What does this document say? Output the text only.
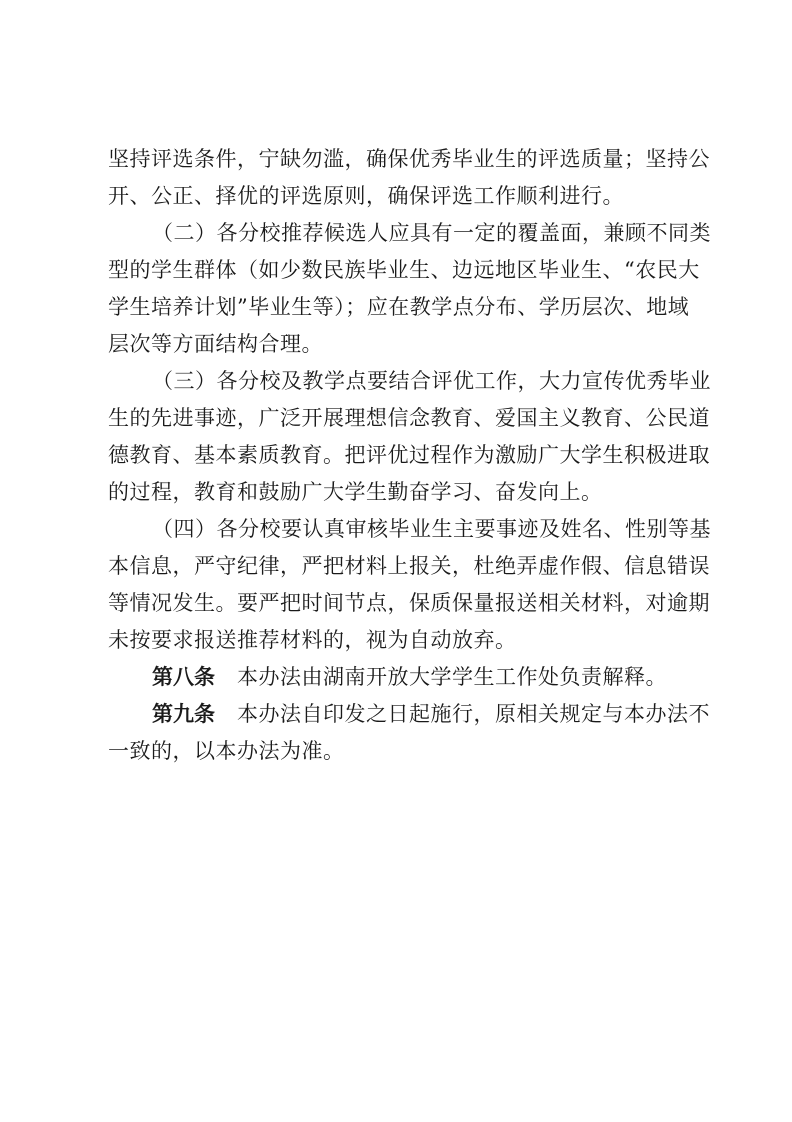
坚持评选条件，宁缺勿滥，确保优秀毕业生的评选质量；坚持公
开、公正、择优的评选原则，确保评选工作顺利进行。
（二）各分校推荐候选人应具有一定的覆盖面，兼顾不同类
型的学生群体（如少数民族毕业生、边远地区毕业生、“农民大
学生培养计划”毕业生等）；应在教学点分布、学历层次、地域
层次等方面结构合理。
（三）各分校及教学点要结合评优工作，大力宣传优秀毕业
生的先进事迹，广泛开展理想信念教育、爱国主义教育、公民道
德教育、基本素质教育。把评优过程作为激励广大学生积极进取
的过程，教育和鼓励广大学生勤奋学习、奋发向上。
（四）各分校要认真审核毕业生主要事迹及姓名、性别等基
本信息，严守纪律，严把材料上报关，杜绝弄虚作假、信息错误
等情况发生。要严把时间节点，保质保量报送相关材料，对逾期
未按要求报送推荐材料的，视为自动放弃。
第八条 本办法由湖南开放大学学生工作处负责解释。
第九条 本办法自印发之日起施行，原相关规定与本办法不
一致的，以本办法为准。
